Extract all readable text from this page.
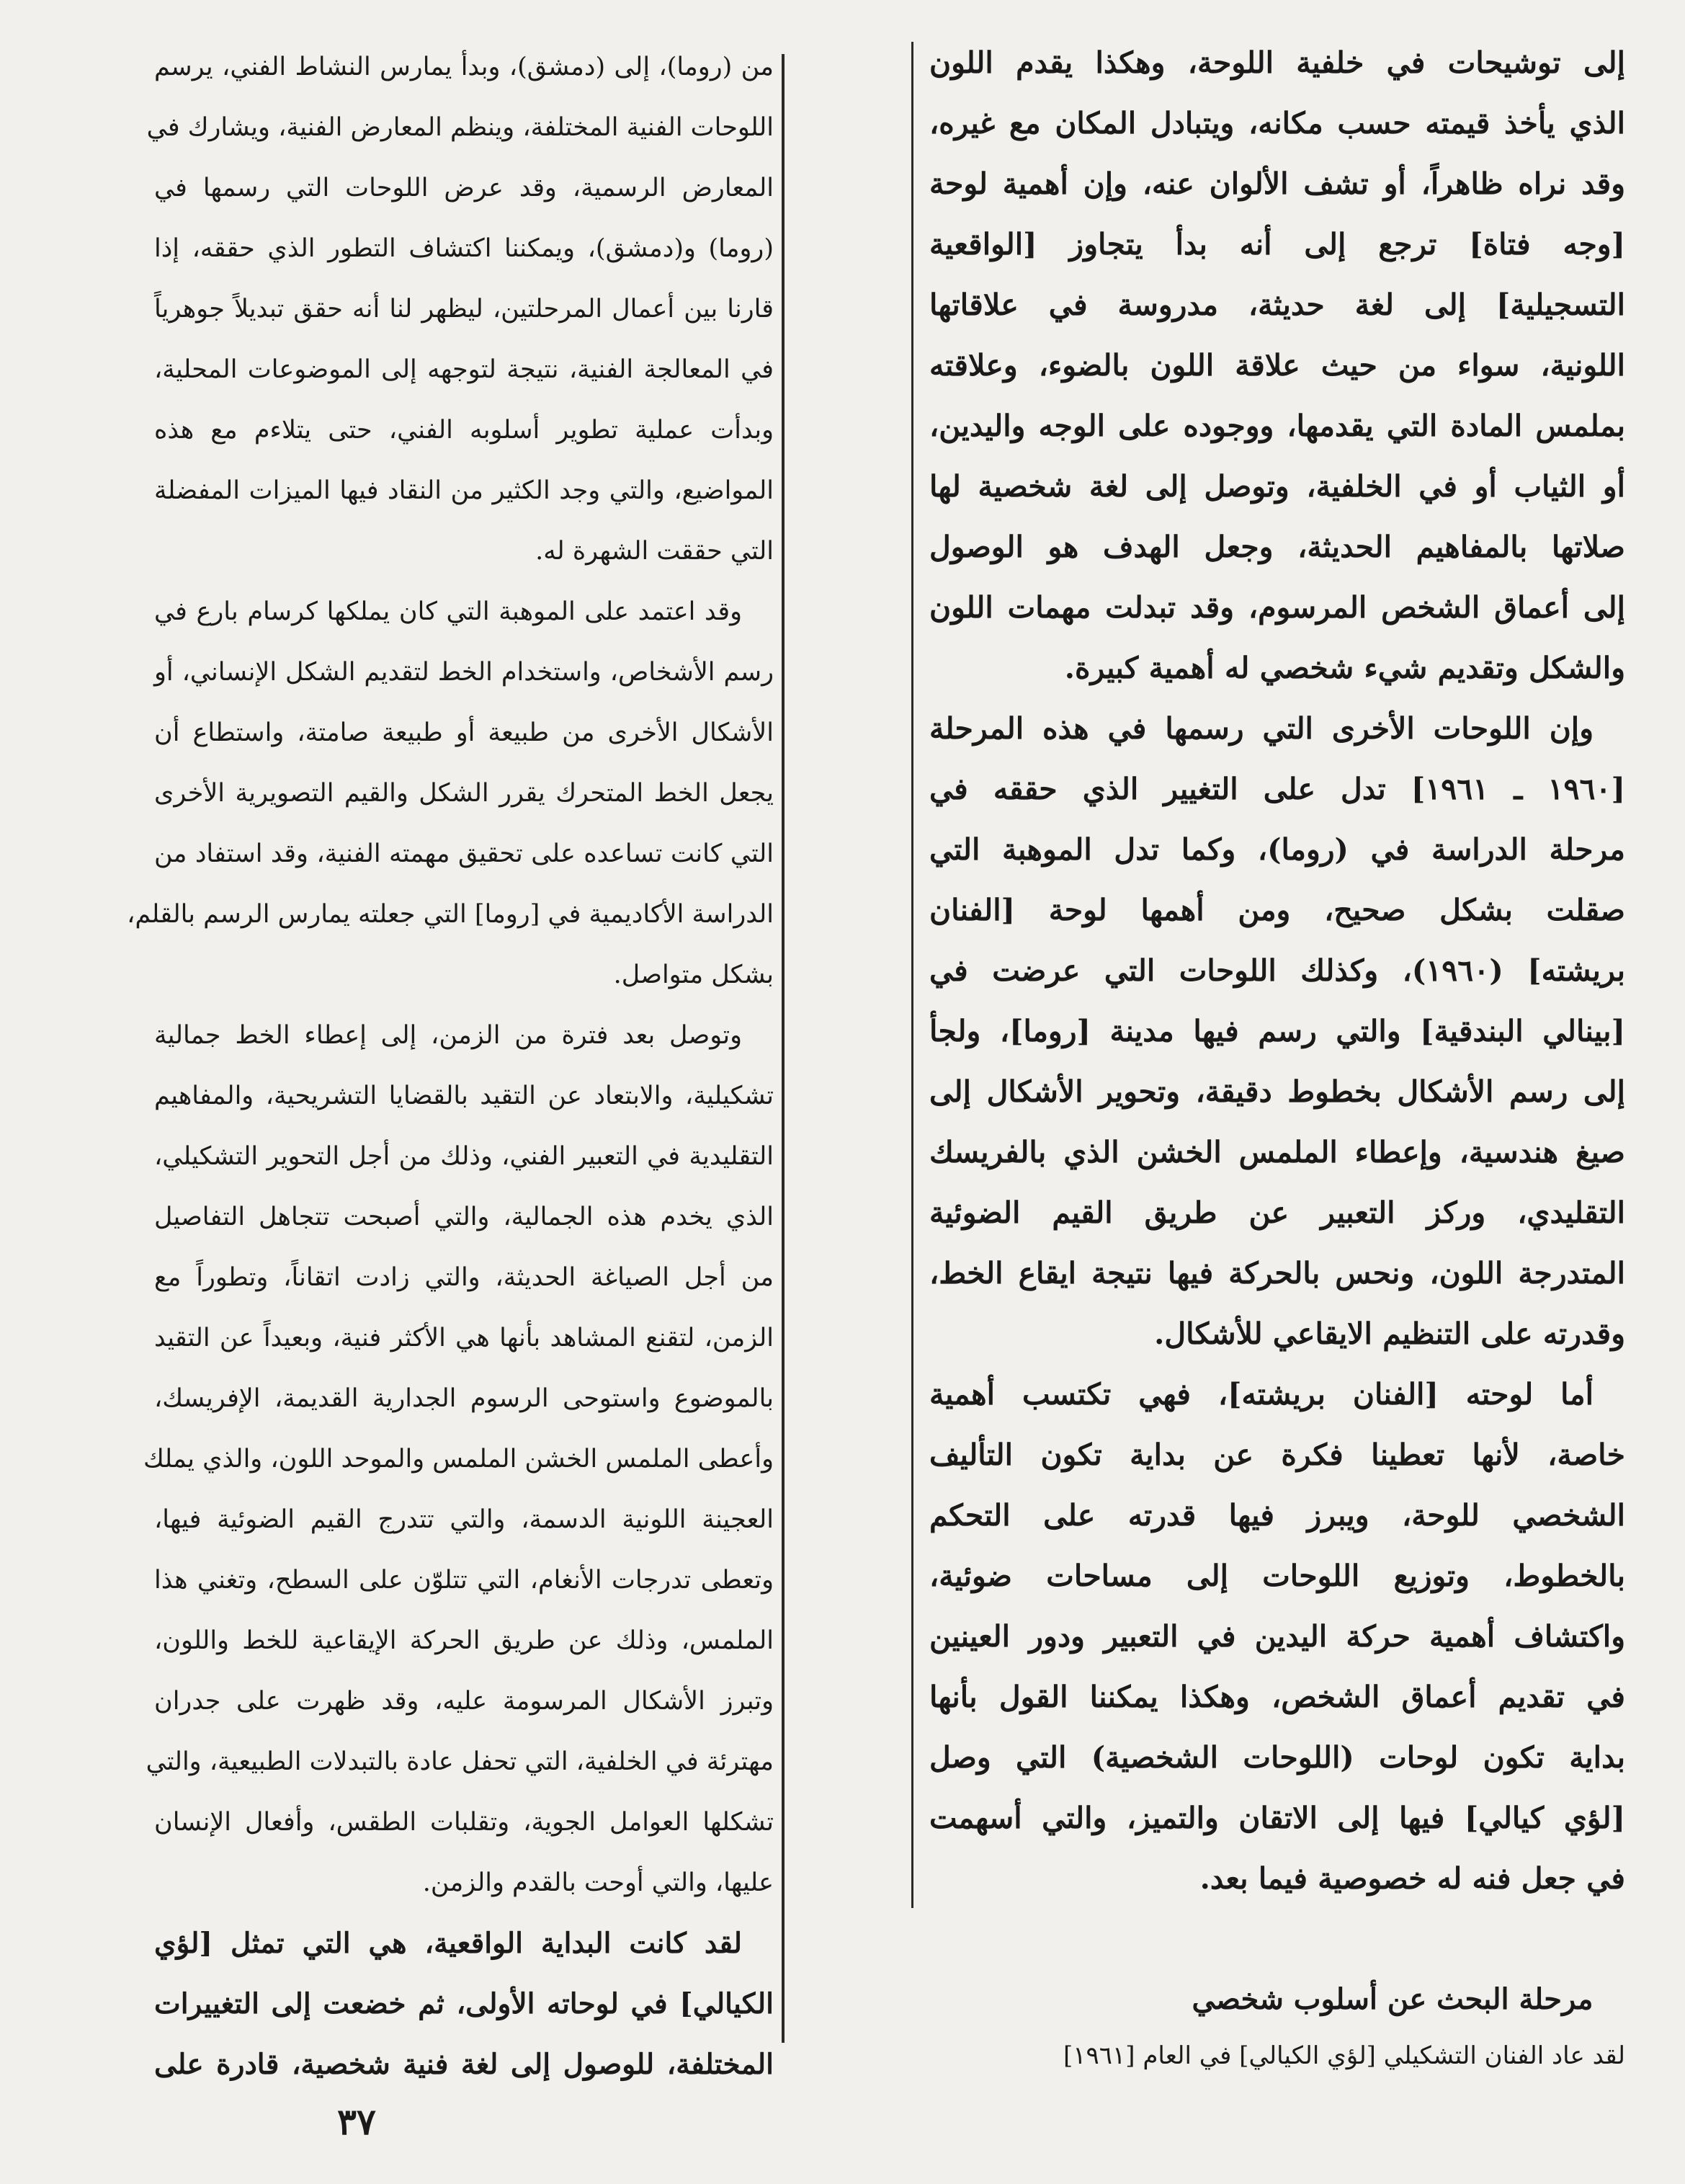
من (روما)، إلى (دمشق)، وبدأ يمارس النشاط الفني، يرسم
اللوحات الفنية المختلفة، وينظم المعارض الفنية، ويشارك في
المعارض الرسمية، وقد عرض اللوحات التي رسمها في
(روما) و(دمشق)، ويمكننا اكتشاف التطور الذي حققه، إذا
قارنا بين أعمال المرحلتين، ليظهر لنا أنه حقق تبديلاً جوهرياً
في المعالجة الفنية، نتيجة لتوجهه إلى الموضوعات المحلية،
وبدأت عملية تطوير أسلوبه الفني، حتى يتلاءم مع هذه
المواضيع، والتي وجد الكثير من النقاد فيها الميزات المفضلة
التي حققت الشهرة له.
وقد اعتمد على الموهبة التي كان يملكها كرسام بارع في
رسم الأشخاص، واستخدام الخط لتقديم الشكل الإنساني، أو
الأشكال الأخرى من طبيعة أو طبيعة صامتة، واستطاع أن
يجعل الخط المتحرك يقرر الشكل والقيم التصويرية الأخرى
التي كانت تساعده على تحقيق مهمته الفنية، وقد استفاد من
الدراسة الأكاديمية في [روما] التي جعلته يمارس الرسم بالقلم،
بشكل متواصل.
وتوصل بعد فترة من الزمن، إلى إعطاء الخط جمالية
تشكيلية، والابتعاد عن التقيد بالقضايا التشريحية، والمفاهيم
التقليدية في التعبير الفني، وذلك من أجل التحوير التشكيلي،
الذي يخدم هذه الجمالية، والتي أصبحت تتجاهل التفاصيل
من أجل الصياغة الحديثة، والتي زادت اتقاناً، وتطوراً مع
الزمن، لتقنع المشاهد بأنها هي الأكثر فنية، وبعيداً عن التقيد
بالموضوع واستوحى الرسوم الجدارية القديمة، الإفريسك،
وأعطى الملمس الخشن الملمس والموحد اللون، والذي يملك
العجينة اللونية الدسمة، والتي تتدرج القيم الضوئية فيها،
وتعطى تدرجات الأنغام، التي تتلوّن على السطح، وتغني هذا
الملمس، وذلك عن طريق الحركة الإيقاعية للخط واللون،
وتبرز الأشكال المرسومة عليه، وقد ظهرت على جدران
مهترئة في الخلفية، التي تحفل عادة بالتبدلات الطبيعية، والتي
تشكلها العوامل الجوية، وتقلبات الطقس، وأفعال الإنسان
عليها، والتي أوحت بالقدم والزمن.
لقد كانت البداية الواقعية، هي التي تمثل [لؤي
الكيالي] في لوحاته الأولى، ثم خضعت إلى التغييرات
المختلفة، للوصول إلى لغة فنية شخصية، قادرة على
إلى توشيحات في خلفية اللوحة، وهكذا يقدم اللون
الذي يأخذ قيمته حسب مكانه، ويتبادل المكان مع غيره،
وقد نراه ظاهراً، أو تشف الألوان عنه، وإن أهمية لوحة
[وجه فتاة] ترجع إلى أنه بدأ يتجاوز [الواقعية
التسجيلية] إلى لغة حديثة، مدروسة في علاقاتها
اللونية، سواء من حيث علاقة اللون بالضوء، وعلاقته
بملمس المادة التي يقدمها، ووجوده على الوجه واليدين،
أو الثياب أو في الخلفية، وتوصل إلى لغة شخصية لها
صلاتها بالمفاهيم الحديثة، وجعل الهدف هو الوصول
إلى أعماق الشخص المرسوم، وقد تبدلت مهمات اللون
والشكل وتقديم شيء شخصي له أهمية كبيرة.
وإن اللوحات الأخرى التي رسمها في هذه المرحلة
[١٩٦٠ ـ ١٩٦١] تدل على التغيير الذي حققه في
مرحلة الدراسة في (روما)، وكما تدل الموهبة التي
صقلت بشكل صحيح، ومن أهمها لوحة [الفنان
بريشته] (١٩٦٠)، وكذلك اللوحات التي عرضت في
[بينالي البندقية] والتي رسم فيها مدينة [روما]، ولجأ
إلى رسم الأشكال بخطوط دقيقة، وتحوير الأشكال إلى
صيغ هندسية، وإعطاء الملمس الخشن الذي بالفريسك
التقليدي، وركز التعبير عن طريق القيم الضوئية
المتدرجة اللون، ونحس بالحركة فيها نتيجة ايقاع الخط،
وقدرته على التنظيم الايقاعي للأشكال.
أما لوحته [الفنان بريشته]، فهي تكتسب أهمية
خاصة، لأنها تعطينا فكرة عن بداية تكون التأليف
الشخصي للوحة، ويبرز فيها قدرته على التحكم
بالخطوط، وتوزيع اللوحات إلى مساحات ضوئية،
واكتشاف أهمية حركة اليدين في التعبير ودور العينين
في تقديم أعماق الشخص، وهكذا يمكننا القول بأنها
بداية تكون لوحات (اللوحات الشخصية) التي وصل
[لؤي كيالي] فيها إلى الاتقان والتميز، والتي أسهمت
في جعل فنه له خصوصية فيما بعد.
مرحلة البحث عن أسلوب شخصي
لقد عاد الفنان التشكيلي [لؤي الكيالي] في العام [١٩٦١]
٣٧
